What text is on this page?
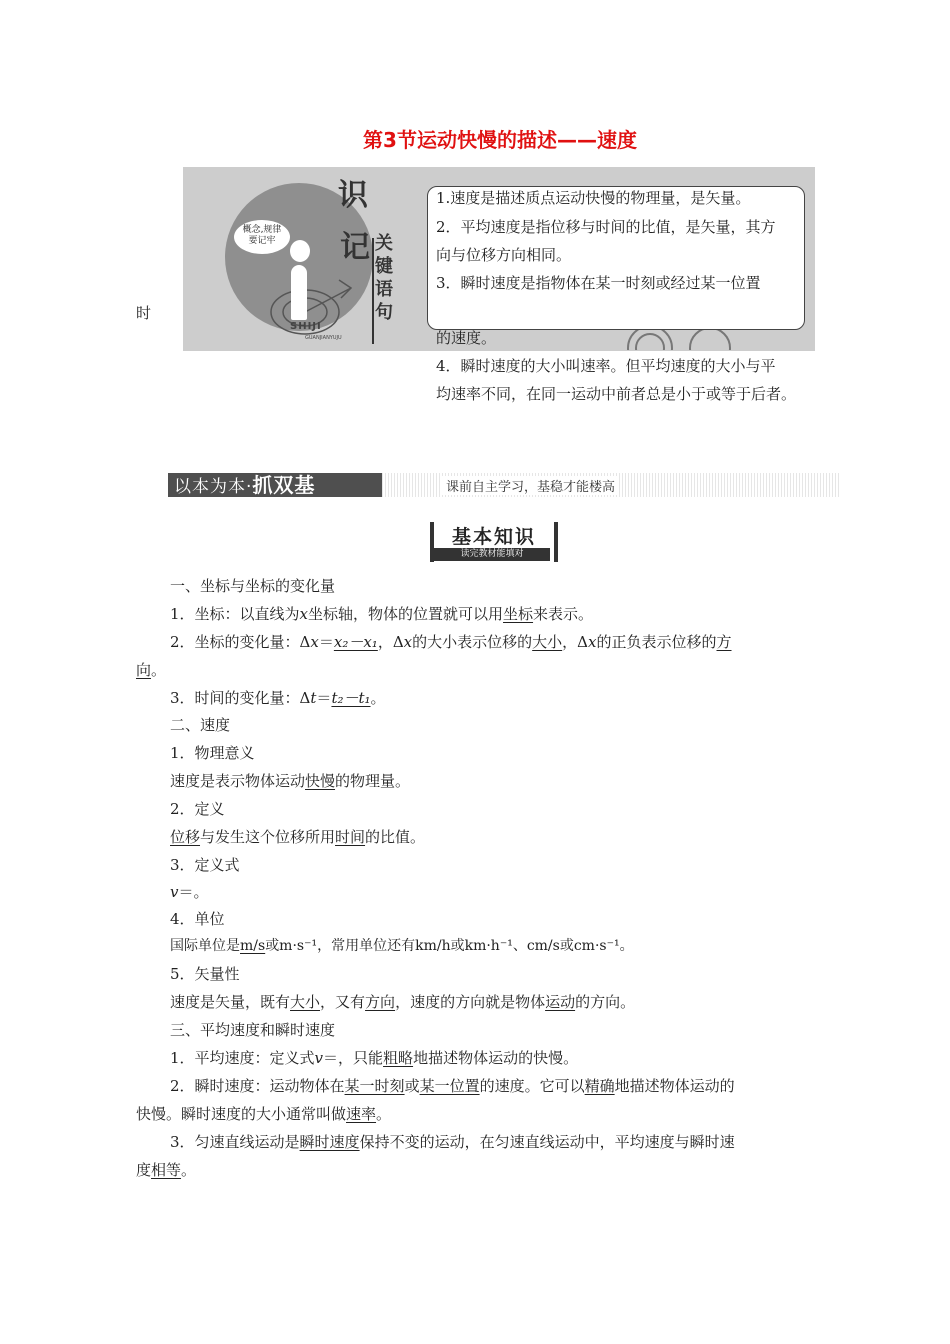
第3节运动快慢的描述——速度
概念,规律
要记牢
SHIJI
GUANJIANYUJU
识
记 关键语句
1.速度是描述质点运动快慢的物理量，是矢量。
2．平均速度是指位移与时间的比值，是矢量，其方
向与位移方向相同。
3．瞬时速度是指物体在某一时刻或经过某一位置
的速度。
4．瞬时速度的大小叫速率。但平均速度的大小与平
均速率不同，在同一运动中前者总是小于或等于后者。
时
以本为本·抓双基	课前自主学习，基稳才能楼高
基本知识
读完教材能填对
一、坐标与坐标的变化量
1．坐标：以直线为x坐标轴，物体的位置就可以用坐标来表示。
2．坐标的变化量：Δx＝x₂－x₁，Δx的大小表示位移的大小，Δx的正负表示位移的方
向。
3．时间的变化量：Δt＝t₂－t₁。
二、速度
1．物理意义
速度是表示物体运动快慢的物理量。
2．定义
位移与发生这个位移所用时间的比值。
3．定义式
v＝。
4．单位
国际单位是m/s或m·s⁻¹，常用单位还有km/h或km·h⁻¹、cm/s或cm·s⁻¹。
5．矢量性
速度是矢量，既有大小，又有方向，速度的方向就是物体运动的方向。
三、平均速度和瞬时速度
1．平均速度：定义式v＝，只能粗略地描述物体运动的快慢。
2．瞬时速度：运动物体在某一时刻或某一位置的速度。它可以精确地描述物体运动的
快慢。瞬时速度的大小通常叫做速率。
3．匀速直线运动是瞬时速度保持不变的运动，在匀速直线运动中，平均速度与瞬时速
度相等。
